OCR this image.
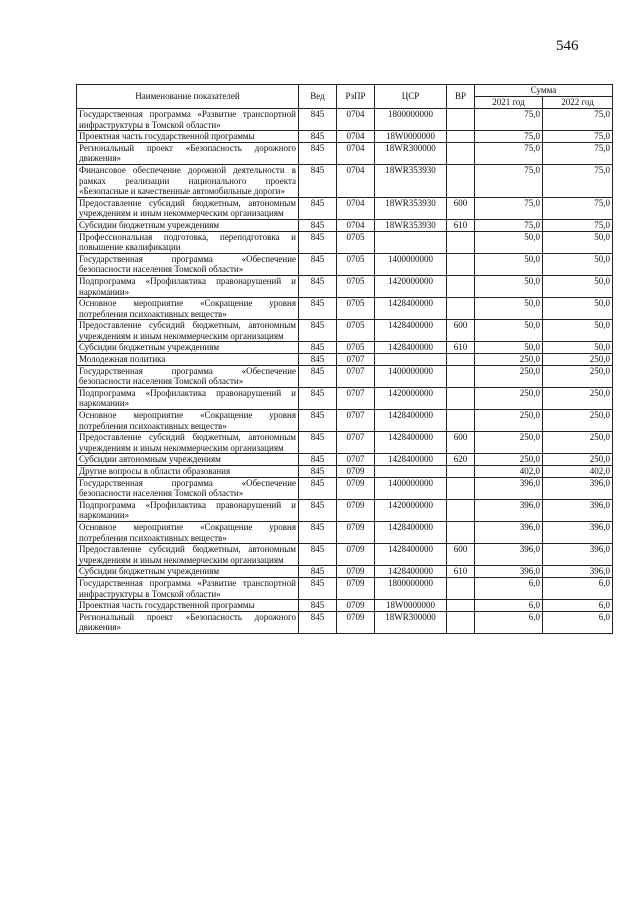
546
Наименование показателей	Вед	РзПР	ЦСР	ВР	Сумма	
					2021 год	2022 год
Государственная программа «Развитие транспортной инфраструктуры в Томской области»	845	0704	1800000000		75,0	75,0
Проектная часть государственной программы	845	0704	18W0000000		75,0	75,0
Региональный проект «Безопасность дорожного движения»	845	0704	18WR300000		75,0	75,0
Финансовое обеспечение дорожной деятельности в рамках реализации национального проекта «Безопасные и качественные автомобильные дороги»	845	0704	18WR353930		75,0	75,0
Предоставление субсидий бюджетным, автономным учреждениям и иным некоммерческим организациям	845	0704	18WR353930	600	75,0	75,0
Субсидии бюджетным учреждениям	845	0704	18WR353930	610	75,0	75,0
Профессиональная подготовка, переподготовка и повышение квалификации	845	0705			50,0	50,0
Государственная программа «Обеспечение безопасности населения Томской области»	845	0705	1400000000		50,0	50,0
Подпрограмма «Профилактика правонарушений и наркомании»	845	0705	1420000000		50,0	50,0
Основное мероприятие «Сокращение уровня потребления психоактивных веществ»	845	0705	1428400000		50,0	50,0
Предоставление субсидий бюджетным, автономным учреждениям и иным некоммерческим организациям	845	0705	1428400000	600	50,0	50,0
Субсидии бюджетным учреждениям	845	0705	1428400000	610	50,0	50,0
Молодежная политика	845	0707			250,0	250,0
Государственная программа «Обеспечение безопасности населения Томской области»	845	0707	1400000000		250,0	250,0
Подпрограмма «Профилактика правонарушений и наркомании»	845	0707	1420000000		250,0	250,0
Основное мероприятие «Сокращение уровня потребления психоактивных веществ»	845	0707	1428400000		250,0	250,0
Предоставление субсидий бюджетным, автономным учреждениям и иным некоммерческим организациям	845	0707	1428400000	600	250,0	250,0
Субсидии автономным учреждениям	845	0707	1428400000	620	250,0	250,0
Другие вопросы в области образования	845	0709			402,0	402,0
Государственная программа «Обеспечение безопасности населения Томской области»	845	0709	1400000000		396,0	396,0
Подпрограмма «Профилактика правонарушений и наркомании»	845	0709	1420000000		396,0	396,0
Основное мероприятие «Сокращение уровня потребления психоактивных веществ»	845	0709	1428400000		396,0	396,0
Предоставление субсидий бюджетным, автономным учреждениям и иным некоммерческим организациям	845	0709	1428400000	600	396,0	396,0
Субсидии бюджетным учреждениям	845	0709	1428400000	610	396,0	396,0
Государственная программа «Развитие транспортной инфраструктуры в Томской области»	845	0709	1800000000		6,0	6,0
Проектная часть государственной программы	845	0709	18W0000000		6,0	6,0
Региональный проект «Безопасность дорожного движения»	845	0709	18WR300000		6,0	6,0
